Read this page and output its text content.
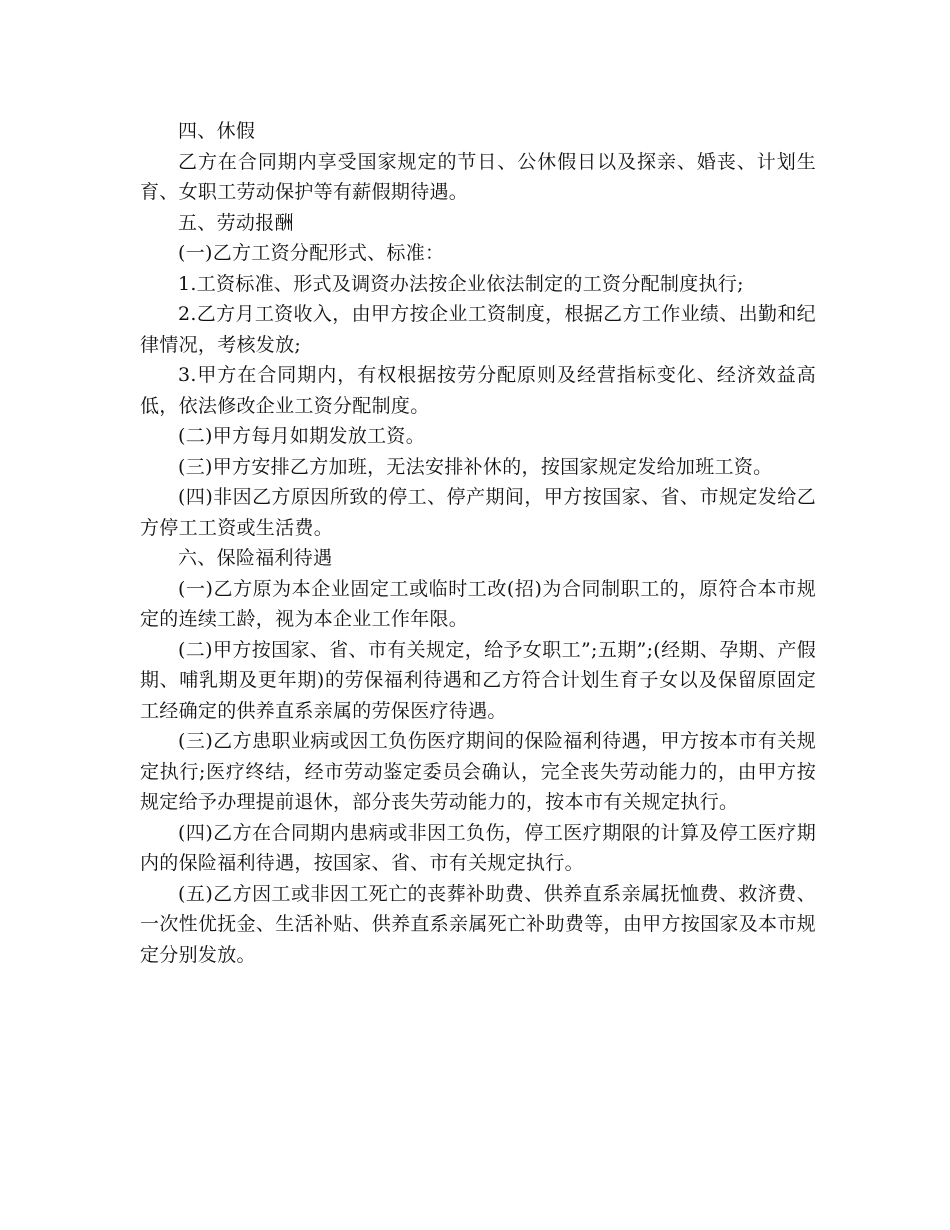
四、休假

乙方在合同期内享受国家规定的节日、公休假日以及探亲、婚丧、计划生育、女职工劳动保护等有薪假期待遇。

五、劳动报酬

(一)乙方工资分配形式、标准：

1.工资标准、形式及调资办法按企业依法制定的工资分配制度执行;

2.乙方月工资收入，由甲方按企业工资制度，根据乙方工作业绩、出勤和纪律情况，考核发放;

3.甲方在合同期内，有权根据按劳分配原则及经营指标变化、经济效益高低，依法修改企业工资分配制度。

(二)甲方每月如期发放工资。

(三)甲方安排乙方加班，无法安排补休的，按国家规定发给加班工资。

(四)非因乙方原因所致的停工、停产期间，甲方按国家、省、市规定发给乙方停工工资或生活费。

六、保险福利待遇

(一)乙方原为本企业固定工或临时工改(招)为合同制职工的，原符合本市规定的连续工龄，视为本企业工作年限。

(二)甲方按国家、省、市有关规定，给予女职工”;五期”;(经期、孕期、产假期、哺乳期及更年期)的劳保福利待遇和乙方符合计划生育子女以及保留原固定工经确定的供养直系亲属的劳保医疗待遇。

(三)乙方患职业病或因工负伤医疗期间的保险福利待遇，甲方按本市有关规定执行;医疗终结，经市劳动鉴定委员会确认，完全丧失劳动能力的，由甲方按规定给予办理提前退休，部分丧失劳动能力的，按本市有关规定执行。

(四)乙方在合同期内患病或非因工负伤，停工医疗期限的计算及停工医疗期内的保险福利待遇，按国家、省、市有关规定执行。

(五)乙方因工或非因工死亡的丧葬补助费、供养直系亲属抚恤费、救济费、一次性优抚金、生活补贴、供养直系亲属死亡补助费等，由甲方按国家及本市规定分别发放。
